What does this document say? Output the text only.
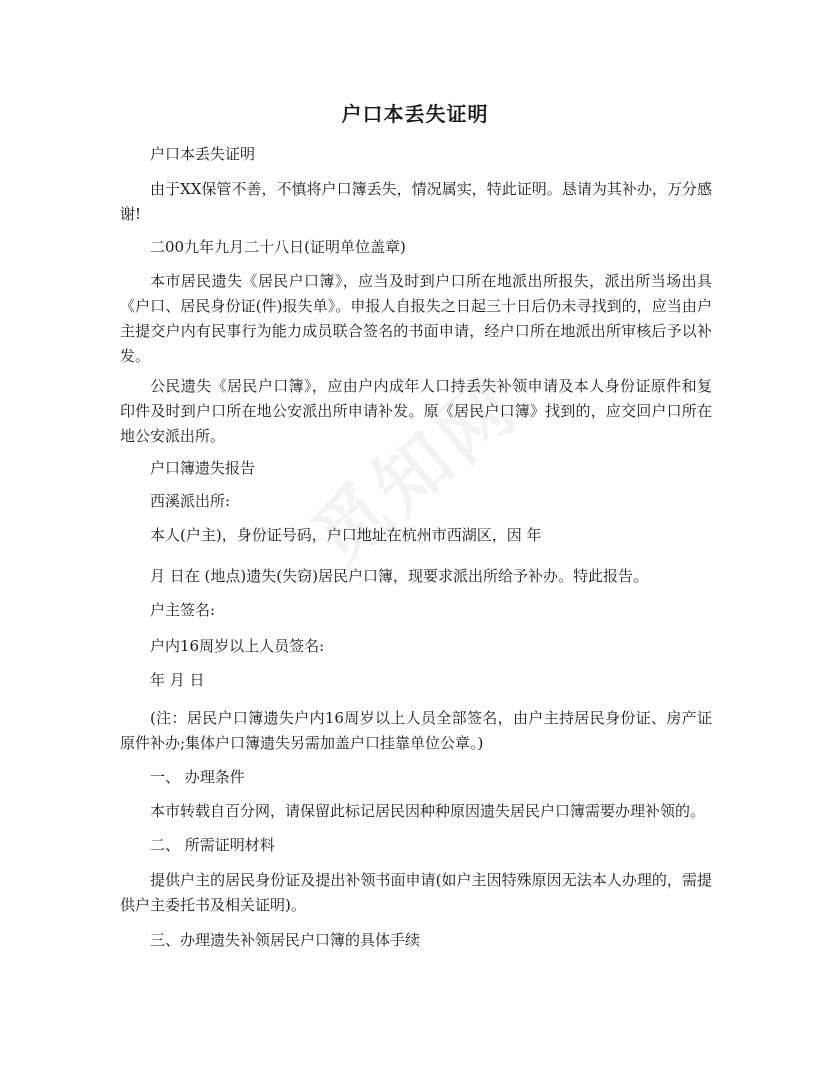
户口本丢失证明

户口本丢失证明

由于XX保管不善，不慎将户口簿丢失，情况属实，特此证明。恳请为其补办，万分感谢!

二00九年九月二十八日(证明单位盖章)

本市居民遗失《居民户口簿》，应当及时到户口所在地派出所报失，派出所当场出具《户口、居民身份证(件)报失单》。申报人自报失之日起三十日后仍未寻找到的，应当由户主提交户内有民事行为能力成员联合签名的书面申请，经户口所在地派出所审核后予以补发。

公民遗失《居民户口簿》，应由户内成年人口持丢失补领申请及本人身份证原件和复印件及时到户口所在地公安派出所申请补发。原《居民户口簿》找到的，应交回户口所在地公安派出所。

户口簿遗失报告

西溪派出所:

本人(户主)，身份证号码，户口地址在杭州市西湖区，因 年

月 日在 (地点)遗失(失窃)居民户口簿，现要求派出所给予补办。特此报告。

户主签名:

户内16周岁以上人员签名:

年 月 日

(注：居民户口簿遗失户内16周岁以上人员全部签名，由户主持居民身份证、房产证原件补办;集体户口簿遗失另需加盖户口挂靠单位公章。)

一、 办理条件

本市转载自百分网，请保留此标记居民因种种原因遗失居民户口簿需要办理补领的。

二、 所需证明材料

提供户主的居民身份证及提出补领书面申请(如户主因特殊原因无法本人办理的，需提供户主委托书及相关证明)。

三、办理遗失补领居民户口簿的具体手续
